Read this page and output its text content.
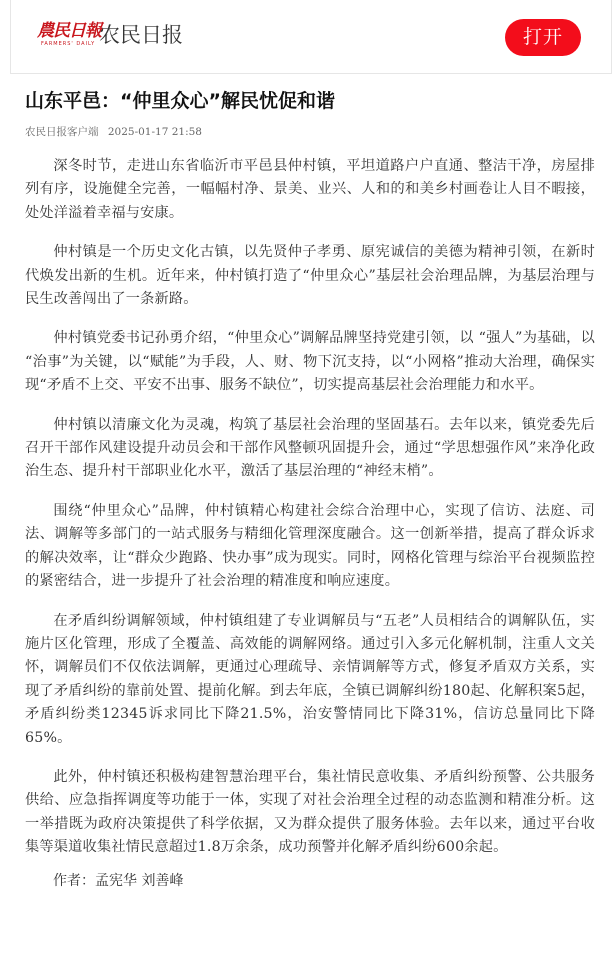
農民日報
FARMERS' DAILY 农民日报	打开
山东平邑：“仲里众心”解民忧促和谐
农民日报客户端 2025-01-17 21:58

深冬时节，走进山东省临沂市平邑县仲村镇，平坦道路户户直通、整洁干净，房屋排列有序，设施健全完善，一幅幅村净、景美、业兴、人和的和美乡村画卷让人目不暇接，处处洋溢着幸福与安康。

仲村镇是一个历史文化古镇，以先贤仲子孝勇、原宪诚信的美德为精神引领，在新时代焕发出新的生机。近年来，仲村镇打造了“仲里众心”基层社会治理品牌，为基层治理与民生改善闯出了一条新路。

仲村镇党委书记孙勇介绍，“仲里众心”调解品牌坚持党建引领，以 “强人”为基础，以 “治事”为关键，以“赋能”为手段，人、财、物下沉支持，以“小网格”推动大治理，确保实现“矛盾不上交、平安不出事、服务不缺位”，切实提高基层社会治理能力和水平。

仲村镇以清廉文化为灵魂，构筑了基层社会治理的坚固基石。去年以来，镇党委先后召开干部作风建设提升动员会和干部作风整顿巩固提升会，通过“学思想强作风”来净化政治生态、提升村干部职业化水平，激活了基层治理的“神经末梢”。

围绕“仲里众心”品牌，仲村镇精心构建社会综合治理中心，实现了信访、法庭、司法、调解等多部门的一站式服务与精细化管理深度融合。这一创新举措，提高了群众诉求的解决效率，让“群众少跑路、快办事”成为现实。同时，网格化管理与综治平台视频监控的紧密结合，进一步提升了社会治理的精准度和响应速度。

在矛盾纠纷调解领域，仲村镇组建了专业调解员与“五老”人员相结合的调解队伍，实施片区化管理，形成了全覆盖、高效能的调解网络。通过引入多元化解机制，注重人文关怀，调解员们不仅依法调解，更通过心理疏导、亲情调解等方式，修复矛盾双方关系，实现了矛盾纠纷的靠前处置、提前化解。到去年底，全镇已调解纠纷180起、化解积案5起，矛盾纠纷类12345诉求同比下降21.5%，治安警情同比下降31%，信访总量同比下降65%。

此外，仲村镇还积极构建智慧治理平台，集社情民意收集、矛盾纠纷预警、公共服务供给、应急指挥调度等功能于一体，实现了对社会治理全过程的动态监测和精准分析。这一举措既为政府决策提供了科学依据，又为群众提供了服务体验。去年以来，通过平台收集等渠道收集社情民意超过1.8万余条，成功预警并化解矛盾纠纷600余起。

作者：孟宪华 刘善峰
